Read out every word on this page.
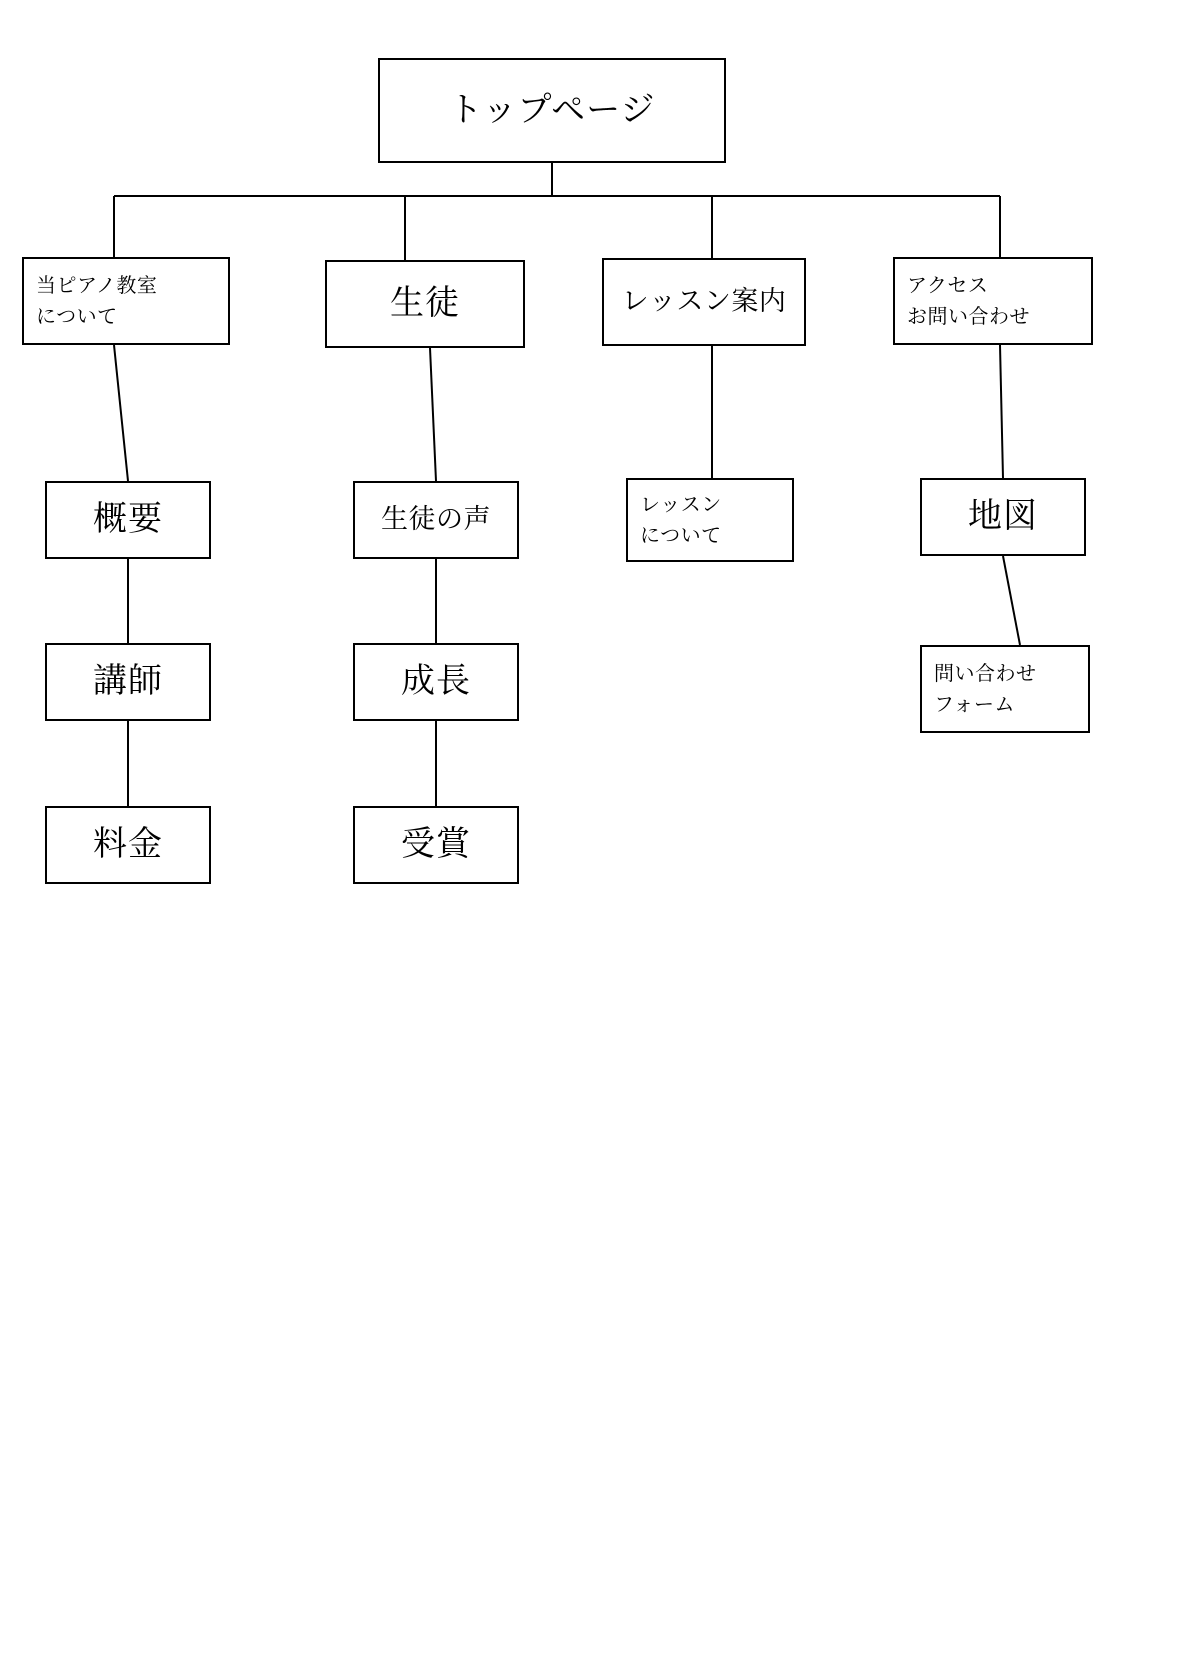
トップページ
当ピアノ教室
について	生徒	レッスン案内
アクセス
お問い合わせ
概要
講師
料金
生徒の声
成長
受賞
レッスン
について	地図
問い合わせ
フォーム
